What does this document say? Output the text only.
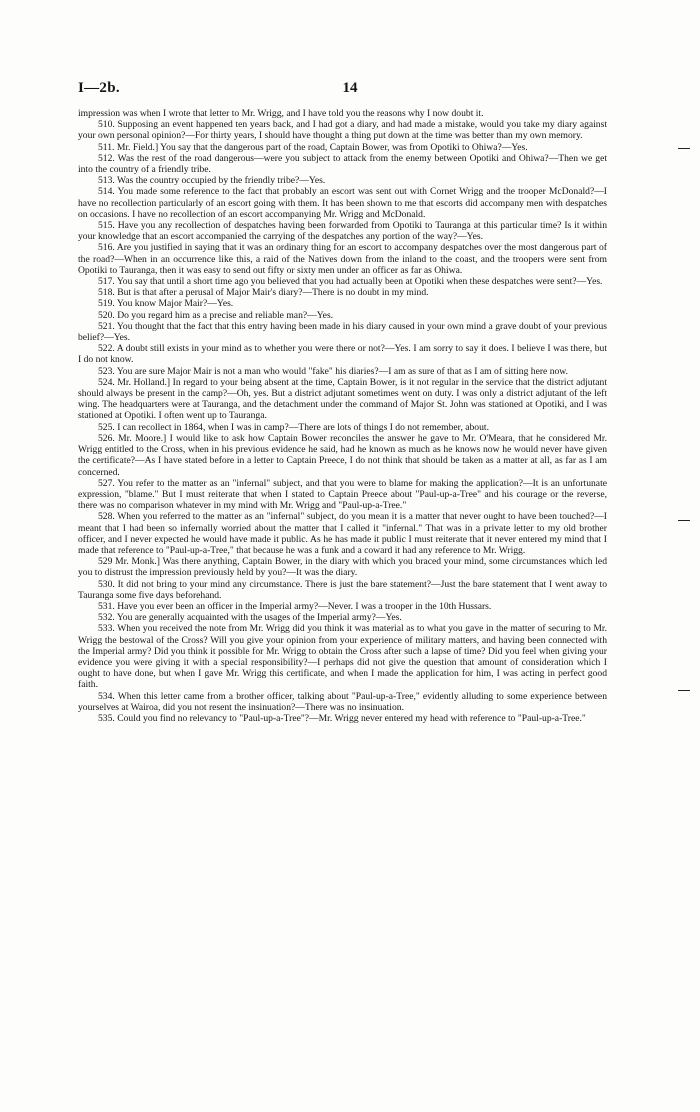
I—2b.	14

impression was when I wrote that letter to Mr. Wrigg, and I have told you the reasons why I now doubt it.

510. Supposing an event happened ten years back, and I had got a diary, and had made a mistake, would you take my diary against your own personal opinion?—For thirty years, I should have thought a thing put down at the time was better than my own memory.

511. Mr. Field.] You say that the dangerous part of the road, Captain Bower, was from Opotiki to Ohiwa?—Yes.

512. Was the rest of the road dangerous—were you subject to attack from the enemy between Opotiki and Ohiwa?—Then we get into the country of a friendly tribe.

513. Was the country occupied by the friendly tribe?—Yes.

514. You made some reference to the fact that probably an escort was sent out with Cornet Wrigg and the trooper McDonald?—I have no recollection particularly of an escort going with them. It has been shown to me that escorts did accompany men with despatches on occasions. I have no recollection of an escort accompanying Mr. Wrigg and McDonald.

515. Have you any recollection of despatches having been forwarded from Opotiki to Tauranga at this particular time? Is it within your knowledge that an escort accompanied the carrying of the despatches any portion of the way?—Yes.

516. Are you justified in saying that it was an ordinary thing for an escort to accompany despatches over the most dangerous part of the road?—When in an occurrence like this, a raid of the Natives down from the inland to the coast, and the troopers were sent from Opotiki to Tauranga, then it was easy to send out fifty or sixty men under an officer as far as Ohiwa.

517. You say that until a short time ago you believed that you had actually been at Opotiki when these despatches were sent?—Yes.

518. But is that after a perusal of Major Mair's diary?—There is no doubt in my mind.

519. You know Major Mair?—Yes.

520. Do you regard him as a precise and reliable man?—Yes.

521. You thought that the fact that this entry having been made in his diary caused in your own mind a grave doubt of your previous belief?—Yes.

522. A doubt still exists in your mind as to whether you were there or not?—Yes. I am sorry to say it does. I believe I was there, but I do not know.

523. You are sure Major Mair is not a man who would "fake" his diaries?—I am as sure of that as I am of sitting here now.

524. Mr. Holland.] In regard to your being absent at the time, Captain Bower, is it not regular in the service that the district adjutant should always be present in the camp?—Oh, yes. But a district adjutant sometimes went on duty. I was only a district adjutant of the left wing. The headquarters were at Tauranga, and the detachment under the command of Major St. John was stationed at Opotiki, and I was stationed at Opotiki. I often went up to Tauranga.

525. I can recollect in 1864, when I was in camp?—There are lots of things I do not remember, about.

526. Mr. Moore.] I would like to ask how Captain Bower reconciles the answer he gave to Mr. O'Meara, that he considered Mr. Wrigg entitled to the Cross, when in his previous evidence he said, had he known as much as he knows now he would never have given the certificate?—As I have stated before in a letter to Captain Preece, I do not think that should be taken as a matter at all, as far as I am concerned.

527. You refer to the matter as an "infernal" subject, and that you were to blame for making the application?—It is an unfortunate expression, "blame." But I must reiterate that when I stated to Captain Preece about "Paul-up-a-Tree" and his courage or the reverse, there was no comparison whatever in my mind with Mr. Wrigg and "Paul-up-a-Tree."

528. When you referred to the matter as an "infernal" subject, do you mean it is a matter that never ought to have been touched?—I meant that I had been so infernally worried about the matter that I called it "infernal." That was in a private letter to my old brother officer, and I never expected he would have made it public. As he has made it public I must reiterate that it never entered my mind that I made that reference to "Paul-up-a-Tree," that because he was a funk and a coward it had any reference to Mr. Wrigg.

529 Mr. Monk.] Was there anything, Captain Bower, in the diary with which you braced your mind, some circumstances which led you to distrust the impression previously held by you?—It was the diary.

530. It did not bring to your mind any circumstance. There is just the bare statement?—Just the bare statement that I went away to Tauranga some five days beforehand.

531. Have you ever been an officer in the Imperial army?—Never. I was a trooper in the 10th Hussars.

532. You are generally acquainted with the usages of the Imperial army?—Yes.

533. When you received the note from Mr. Wrigg did you think it was material as to what you gave in the matter of securing to Mr. Wrigg the bestowal of the Cross? Will you give your opinion from your experience of military matters, and having been connected with the Imperial army? Did you think it possible for Mr. Wrigg to obtain the Cross after such a lapse of time? Did you feel when giving your evidence you were giving it with a special responsibility?—I perhaps did not give the question that amount of consideration which I ought to have done, but when I gave Mr. Wrigg this certificate, and when I made the application for him, I was acting in perfect good faith.

534. When this letter came from a brother officer, talking about "Paul-up-a-Tree," evidently alluding to some experience between yourselves at Wairoa, did you not resent the insinuation?—There was no insinuation.

535. Could you find no relevancy to "Paul-up-a-Tree"?—Mr. Wrigg never entered my head with reference to "Paul-up-a-Tree."
